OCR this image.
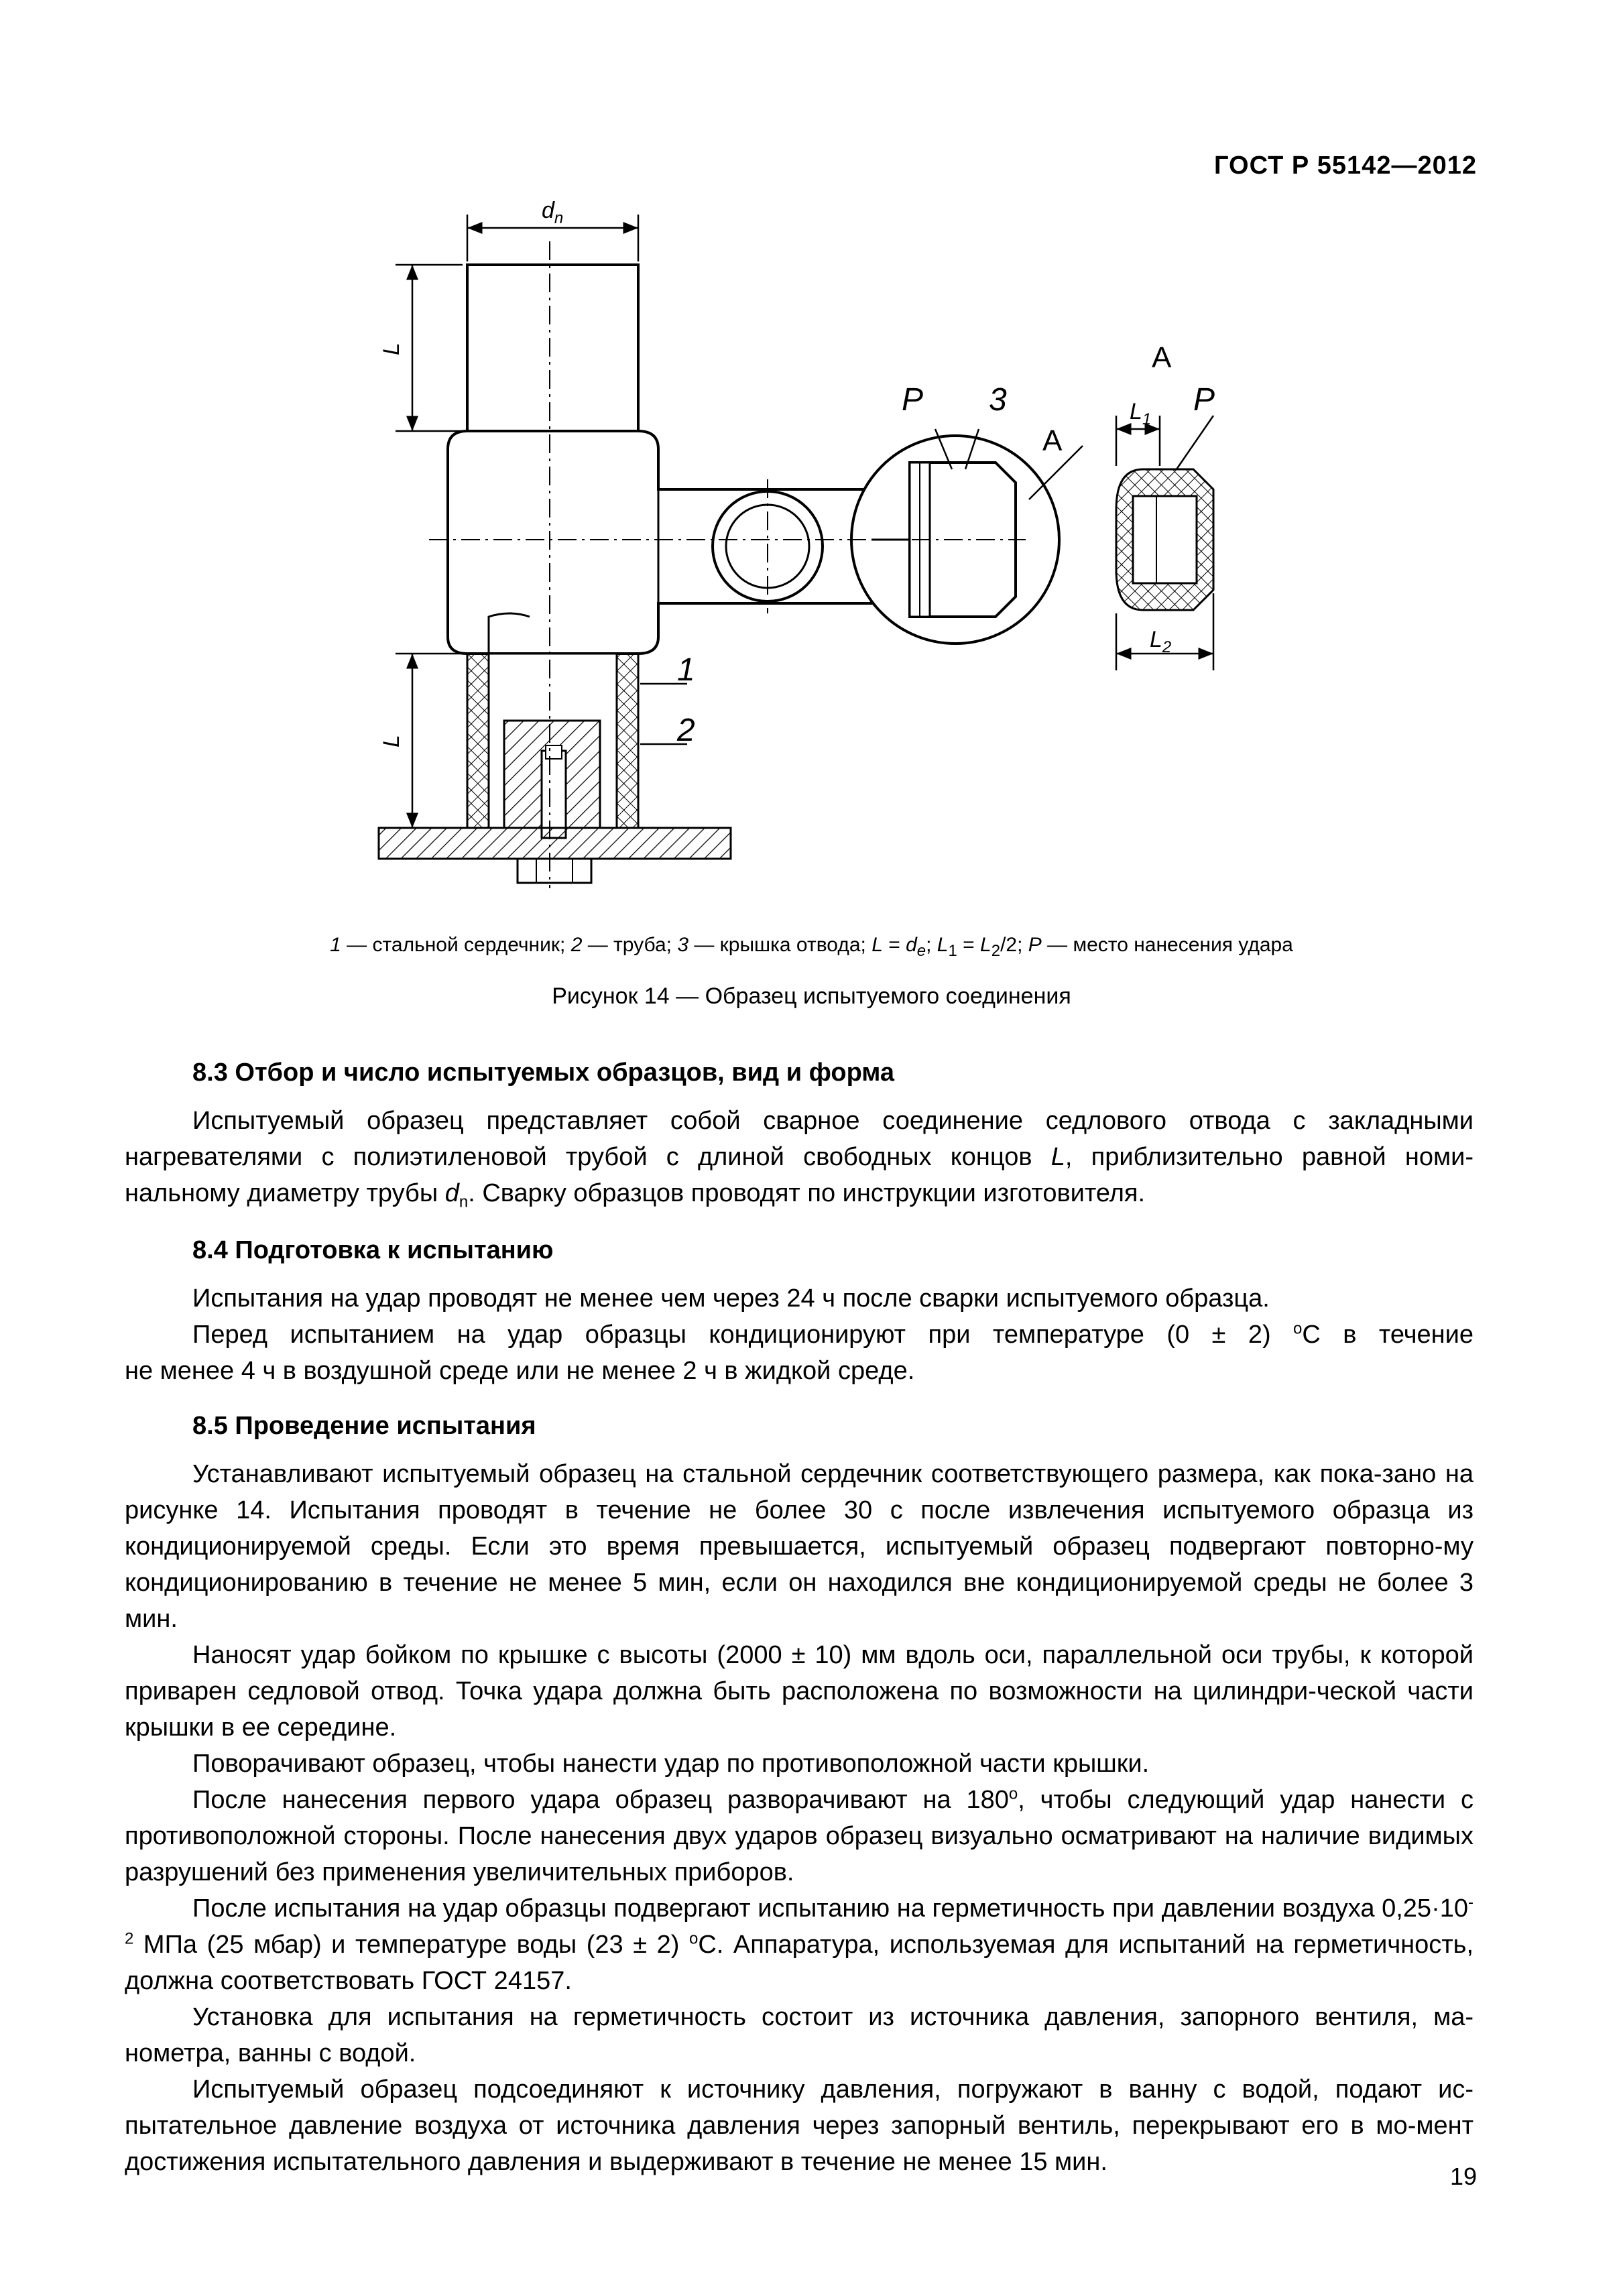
ГОСТ Р 55142—2012
$d_n$
L
L
P 3
A
1
2
A
$L_1$
P
$L_2$
1 — стальной сердечник; 2 — труба; 3 — крышка отвода; $L = d_e$; $L_1 = L_2/2$; P — место нанесения удара
Рисунок 14 — Образец испытуемого соединения
8.3 Отбор и число испытуемых образцов, вид и форма

Испытуемый образец представляет собой сварное соединение седлового отвода с закладными
нагревателями с полиэтиленовой трубой с длиной свободных концов L, приблизительно равной номи-
нальному диаметру трубы $d_n$. Сварку образцов проводят по инструкции изготовителя.

8.4 Подготовка к испытанию

Испытания на удар проводят не менее чем через 24 ч после сварки испытуемого образца.

Перед испытанием на удар образцы кондиционируют при температуре (0 ± 2) $^о$С в течение
не менее 4 ч в воздушной среде или не менее 2 ч в жидкой среде.

8.5 Проведение испытания

Устанавливают испытуемый образец на стальной сердечник соответствующего размера, как пока-зано на рисунке 14. Испытания проводят в течение не более 30 с после извлечения испытуемого образца из кондиционируемой среды. Если это время превышается, испытуемый образец подвергают повторно-му кондиционированию в течение не менее 5 мин, если он находился вне кондиционируемой среды не более 3 мин.

Наносят удар бойком по крышке с высоты (2000 ± 10) мм вдоль оси, параллельной оси трубы, к которой приварен седловой отвод. Точка удара должна быть расположена по возможности на цилиндри-ческой части крышки в ее середине.

Поворачивают образец, чтобы нанести удар по противоположной части крышки.

После нанесения первого удара образец разворачивают на $180^о$, чтобы следующий удар нанести с противоположной стороны. После нанесения двух ударов образец визуально осматривают на наличие видимых разрушений без применения увеличительных приборов.

После испытания на удар образцы подвергают испытанию на герметичность при давлении воздуха $0,25\cdot 10^{-2}$ МПа (25 мбар) и температуре воды (23 ± 2) $^о$С. Аппаратура, используемая для испытаний на герметичность, должна соответствовать ГОСТ 24157.

Установка для испытания на герметичность состоит из источника давления, запорного вентиля, ма-нометра, ванны с водой.

Испытуемый образец подсоединяют к источнику давления, погружают в ванну с водой, подают ис-пытательное давление воздуха от источника давления через запорный вентиль, перекрывают его в мо-мент достижения испытательного давления и выдерживают в течение не менее 15 мин.

19
